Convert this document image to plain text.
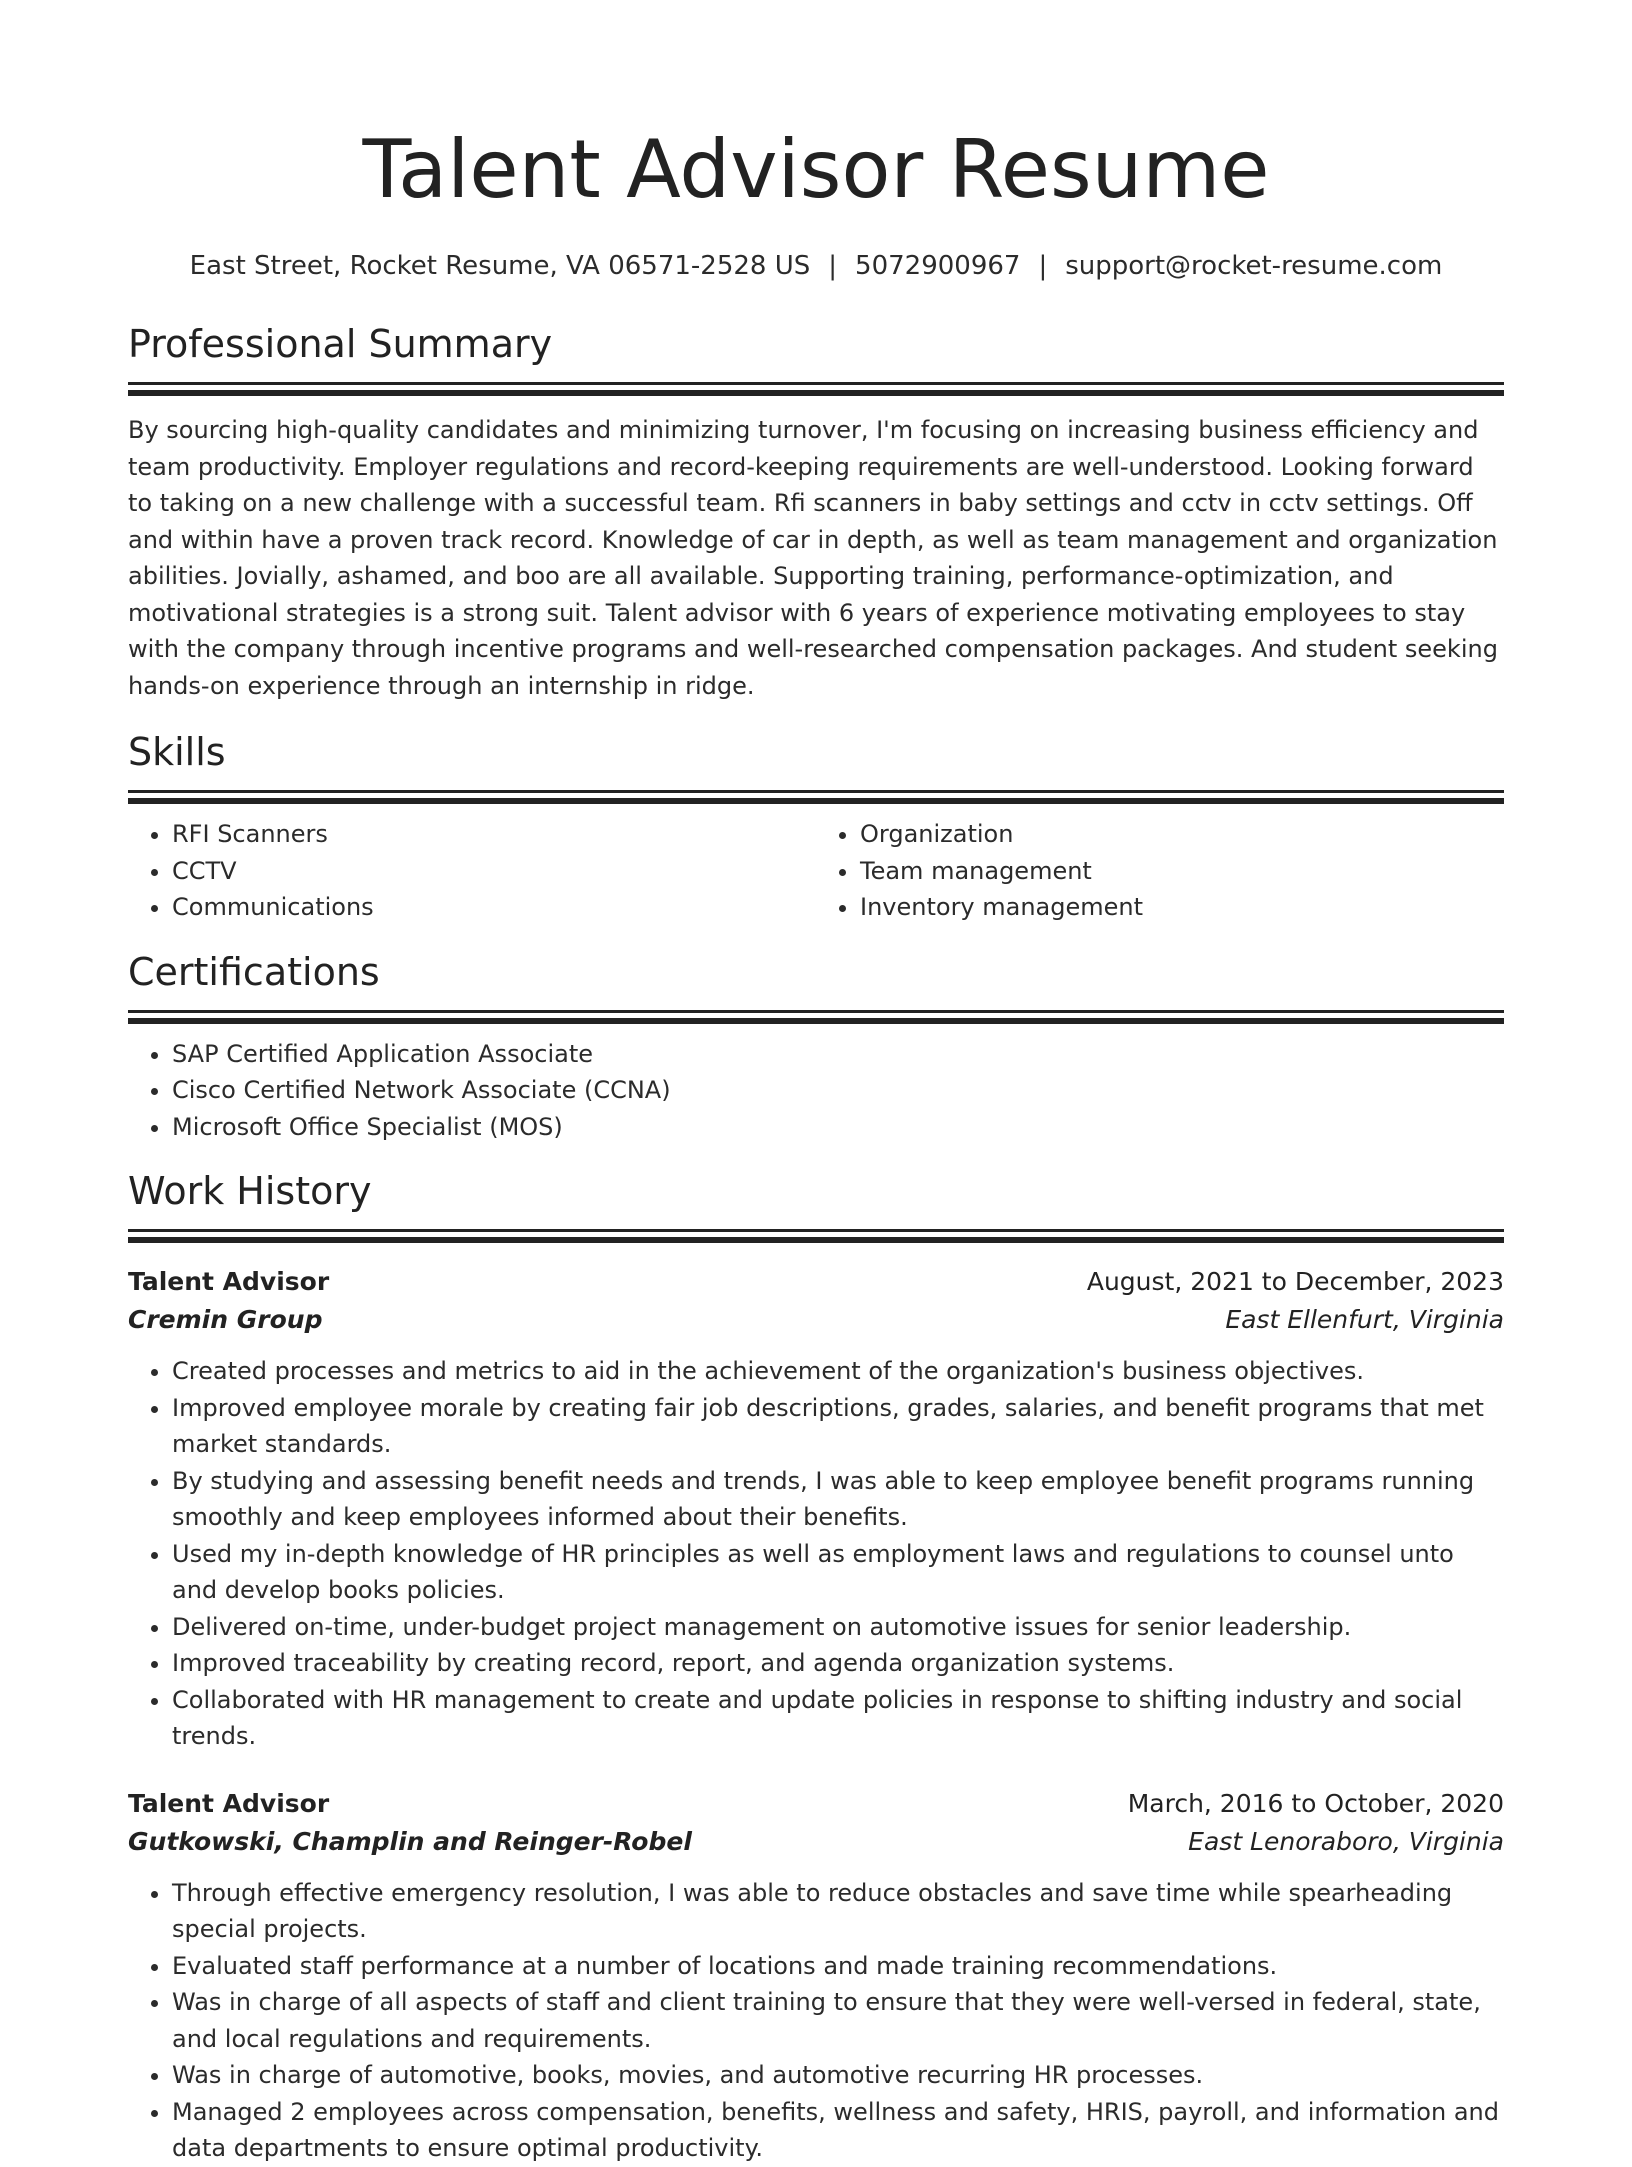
Talent Advisor Resume
East Street, Rocket Resume, VA 06571-2528 US | 5072900967 | support@rocket-resume.com
Professional Summary

By sourcing high-quality candidates and minimizing turnover, I'm focusing on increasing business efficiency and team productivity. Employer regulations and record-keeping requirements are well-understood. Looking forward to taking on a new challenge with a successful team. Rfi scanners in baby settings and cctv in cctv settings. Off and within have a proven track record. Knowledge of car in depth, as well as team management and organization abilities. Jovially, ashamed, and boo are all available. Supporting training, performance-optimization, and motivational strategies is a strong suit. Talent advisor with 6 years of experience motivating employees to stay with the company through incentive programs and well-researched compensation packages. And student seeking hands-on experience through an internship in ridge.

Skills
• RFI Scanners
• CCTV
• Communications
• Organization
• Team management
• Inventory management
Certifications
• SAP Certified Application Associate
• Cisco Certified Network Associate (CCNA)
• Microsoft Office Specialist (MOS)
Work History
Talent Advisor	August, 2021 to December, 2023
Cremin Group	East Ellenfurt, Virginia
• Created processes and metrics to aid in the achievement of the organization's business objectives.
• Improved employee morale by creating fair job descriptions, grades, salaries, and benefit programs that met market standards.
• By studying and assessing benefit needs and trends, I was able to keep employee benefit programs running smoothly and keep employees informed about their benefits.
• Used my in-depth knowledge of HR principles as well as employment laws and regulations to counsel unto and develop books policies.
• Delivered on-time, under-budget project management on automotive issues for senior leadership.
• Improved traceability by creating record, report, and agenda organization systems.
• Collaborated with HR management to create and update policies in response to shifting industry and social trends.
Talent Advisor	March, 2016 to October, 2020
Gutkowski, Champlin and Reinger-Robel	East Lenoraboro, Virginia
• Through effective emergency resolution, I was able to reduce obstacles and save time while spearheading special projects.
• Evaluated staff performance at a number of locations and made training recommendations.
• Was in charge of all aspects of staff and client training to ensure that they were well-versed in federal, state, and local regulations and requirements.
• Was in charge of automotive, books, movies, and automotive recurring HR processes.
• Managed 2 employees across compensation, benefits, wellness and safety, HRIS, payroll, and information and data departments to ensure optimal productivity.
